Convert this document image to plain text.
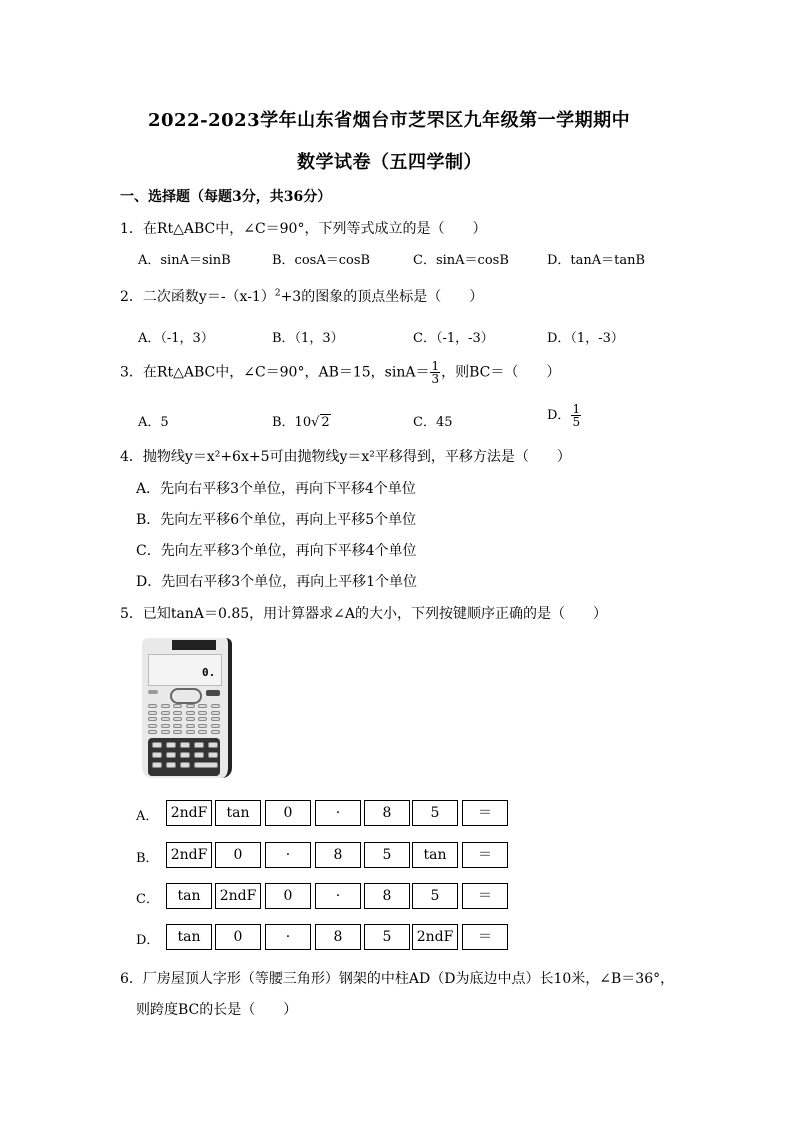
2022-2023学年山东省烟台市芝罘区九年级第一学期期中
数学试卷（五四学制）
一、选择题（每题3分，共36分）
1．在Rt△ABC中，∠C＝90°，下列等式成立的是（　　）
A．sinA＝sinB	B．cosA＝cosB	C．sinA＝cosB	D．tanA＝tanB
2．二次函数$y=-(x-1)^2+3$的图象的顶点坐标是（　　）
A．（-1，3）	B．（1，3）	C．（-1，-3）	D．（1，-3）
3．在Rt△ABC中，∠C＝90°，AB＝15，$\sin A= \frac{1}{3}$ ，则BC＝（　　）
A．5	B．10√ 2	C．45	D． $\frac{1}{5}$
4．抛物线y＝x²+6x+5可由抛物线y＝x²平移得到，平移方法是（　　）
A．先向右平移3个单位，再向下平移4个单位
B．先向左平移6个单位，再向上平移5个单位
C．先向左平移3个单位，再向下平移4个单位
D．先回右平移3个单位，再向上平移1个单位
5．已知tanA＝0.85，用计算器求∠A的大小，下列按键顺序正确的是（　　）
0.
A． 2ndF	tan	0	·	8	5	＝
B． 2ndF	0	·	8	5	tan	＝
C．	tan	2ndF	0	·	8	5	＝
D．	tan	0	·	8	5	2ndF	＝
6．厂房屋顶人字形（等腰三角形）钢架的中柱AD（D为底边中点）长10米，∠B＝36°，
则跨度BC的长是（　　）
